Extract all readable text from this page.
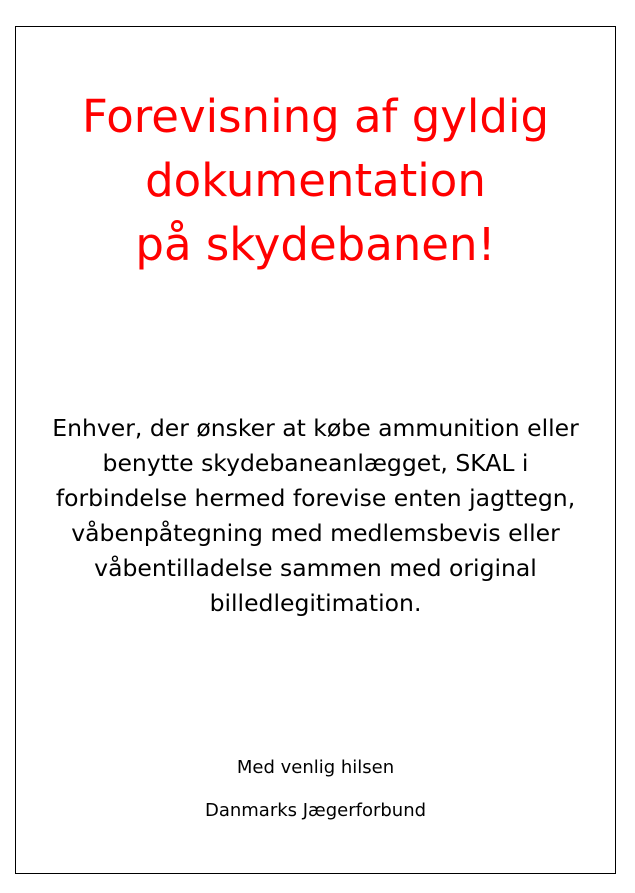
Forevisning af gyldig
dokumentation
på skydebanen!

Enhver, der ønsker at købe ammunition eller
benytte skydebaneanlægget, SKAL i
forbindelse hermed forevise enten jagttegn,
våbenpåtegning med medlemsbevis eller
våbentilladelse sammen med original
billedlegitimation.

Med venlig hilsen

Danmarks Jægerforbund
